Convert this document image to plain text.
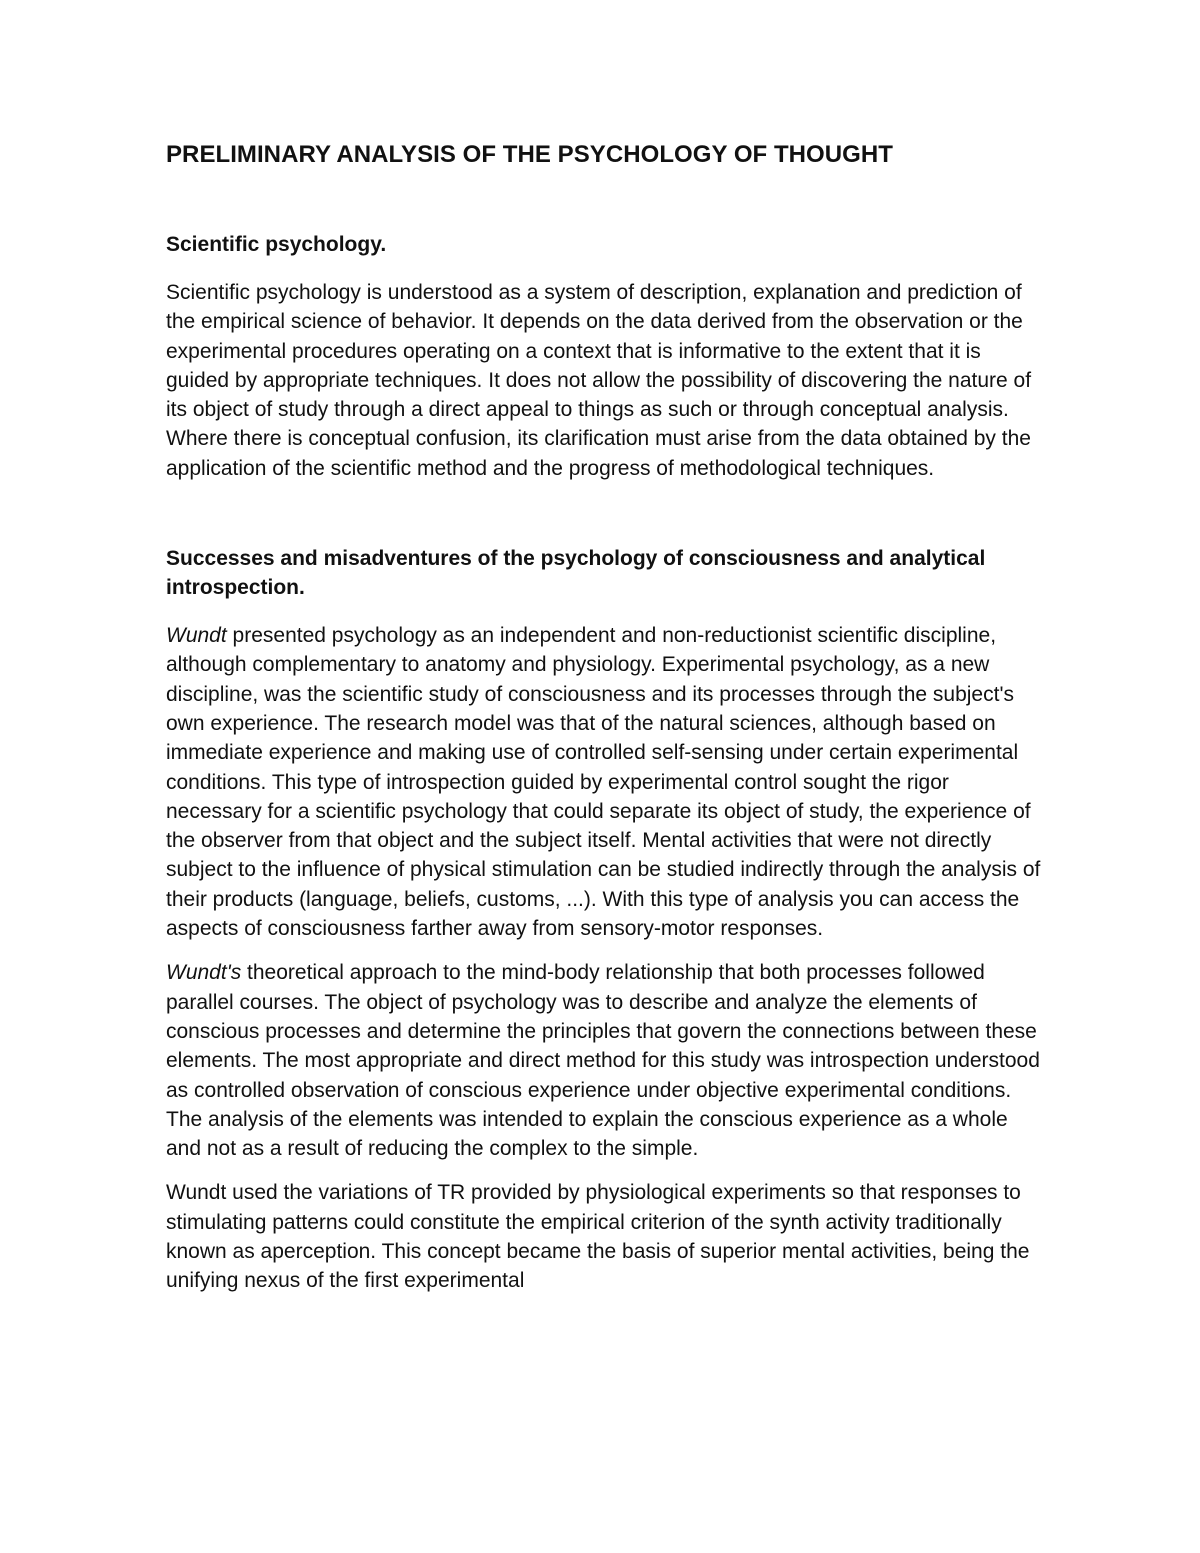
PRELIMINARY ANALYSIS OF THE PSYCHOLOGY OF THOUGHT
Scientific psychology.

Scientific psychology is understood as a system of description, explanation and prediction of the empirical science of behavior. It depends on the data derived from the observation or the experimental procedures operating on a context that is informative to the extent that it is guided by appropriate techniques. It does not allow the possibility of discovering the nature of its object of study through a direct appeal to things as such or through conceptual analysis. Where there is conceptual confusion, its clarification must arise from the data obtained by the application of the scientific method and the progress of methodological techniques.

Successes and misadventures of the psychology of consciousness and analytical introspection.

Wundt presented psychology as an independent and non-reductionist scientific discipline, although complementary to anatomy and physiology. Experimental psychology, as a new discipline, was the scientific study of consciousness and its processes through the subject's own experience. The research model was that of the natural sciences, although based on immediate experience and making use of controlled self-sensing under certain experimental conditions. This type of introspection guided by experimental control sought the rigor necessary for a scientific psychology that could separate its object of study, the experience of the observer from that object and the subject itself. Mental activities that were not directly subject to the influence of physical stimulation can be studied indirectly through the analysis of their products (language, beliefs, customs, ...). With this type of analysis you can access the aspects of consciousness farther away from sensory-motor responses.

Wundt's theoretical approach to the mind-body relationship that both processes followed parallel courses. The object of psychology was to describe and analyze the elements of conscious processes and determine the principles that govern the connections between these elements. The most appropriate and direct method for this study was introspection understood as controlled observation of conscious experience under objective experimental conditions. The analysis of the elements was intended to explain the conscious experience as a whole and not as a result of reducing the complex to the simple.

Wundt used the variations of TR provided by physiological experiments so that responses to stimulating patterns could constitute the empirical criterion of the synth activity traditionally known as aperception. This concept became the basis of superior mental activities, being the unifying nexus of the first experimental
